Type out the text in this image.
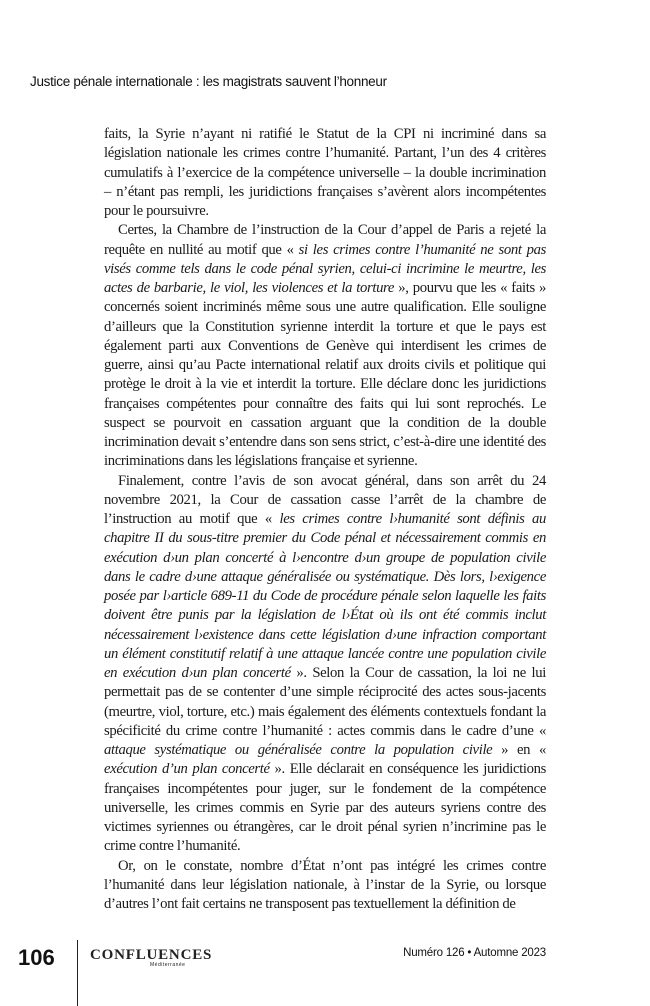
Justice pénale internationale : les magistrats sauvent l’honneur

faits, la Syrie n’ayant ni ratifié le Statut de la CPI ni incriminé dans sa législation nationale les crimes contre l’humanité. Partant, l’un des 4 critères cumulatifs à l’exercice de la compétence universelle – la double incrimination – n’étant pas rempli, les juridictions françaises s’avèrent alors incompétentes pour le poursuivre.

Certes, la Chambre de l’instruction de la Cour d’appel de Paris a rejeté la requête en nullité au motif que « si les crimes contre l’humanité ne sont pas visés comme tels dans le code pénal syrien, celui-ci incrimine le meurtre, les actes de barbarie, le viol, les violences et la torture », pourvu que les « faits » concernés soient incriminés même sous une autre qualification. Elle souligne d’ailleurs que la Constitution syrienne interdit la torture et que le pays est également parti aux Conventions de Genève qui interdisent les crimes de guerre, ainsi qu’au Pacte international relatif aux droits civils et politique qui protège le droit à la vie et interdit la torture. Elle déclare donc les juridictions françaises compétentes pour connaître des faits qui lui sont reprochés. Le suspect se pourvoit en cassation arguant que la condition de la double incrimination devait s’entendre dans son sens strict, c’est-à-dire une identité des incriminations dans les législations française et syrienne.

Finalement, contre l’avis de son avocat général, dans son arrêt du 24 novembre 2021, la Cour de cassation casse l’arrêt de la chambre de l’instruction au motif que « les crimes contre l›humanité sont définis au chapitre II du sous-titre premier du Code pénal et nécessairement commis en exécution d›un plan concerté à l›encontre d›un groupe de population civile dans le cadre d›une attaque généralisée ou systématique. Dès lors, l›exigence posée par l›article 689-11 du Code de procédure pénale selon laquelle les faits doivent être punis par la législation de l›État où ils ont été commis inclut nécessairement l›existence dans cette législation d›une infraction comportant un élément constitutif relatif à une attaque lancée contre une population civile en exécution d›un plan concerté ». Selon la Cour de cassation, la loi ne lui permettait pas de se contenter d’une simple réciprocité des actes sous-jacents (meurtre, viol, torture, etc.) mais également des éléments contextuels fondant la spécificité du crime contre l’humanité : actes commis dans le cadre d’une « attaque systématique ou généralisée contre la population civile » en « exécution d’un plan concerté ». Elle déclarait en conséquence les juridictions françaises incompétentes pour juger, sur le fondement de la compétence universelle, les crimes commis en Syrie par des auteurs syriens contre des victimes syriennes ou étrangères, car le droit pénal syrien n’incrimine pas le crime contre l’humanité.

Or, on le constate, nombre d’État n’ont pas intégré les crimes contre l’humanité dans leur législation nationale, à l’instar de la Syrie, ou lorsque d’autres l’ont fait certains ne transposent pas textuellement la définition de

106 CONFLUENCES
Méditerranée
Numéro 126 • Automne 2023
